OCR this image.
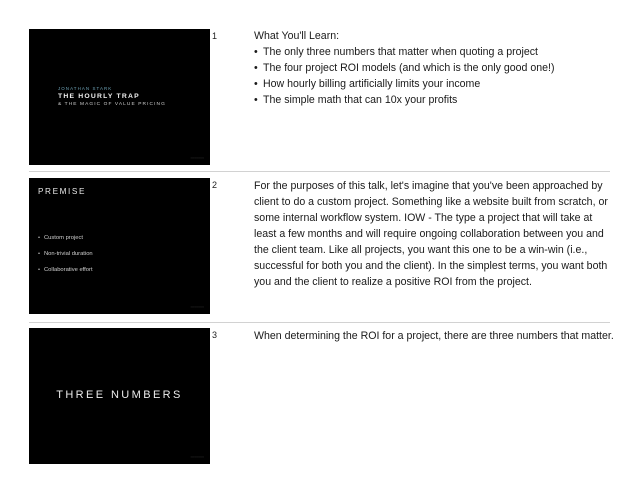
JONATHAN STARK
THE HOURLY TRAP
& THE MAGIC OF VALUE PRICING
━━━━━━━
1	What You'll Learn:
• The only three numbers that matter when quoting a project
• The four project ROI models (and which is the only good one!)
• How hourly billing artificially limits your income
• The simple math that can 10x your profits
PREMISE
• Custom project
• Non-trivial duration
• Collaborative effort
━━━━━━━
2	For the purposes of this talk, let's imagine that you've been approached by client to do a custom project. Something like a website built from scratch, or some internal workflow system. IOW - The type a project that will take at least a few months and will require ongoing collaboration between you and the client team. Like all projects, you want this one to be a win-win (i.e., successful for both you and the client). In the simplest terms, you want both you and the client to realize a positive ROI from the project.
THREE NUMBERS
━━━━━━━
3	When determining the ROI for a project, there are three numbers that matter.
